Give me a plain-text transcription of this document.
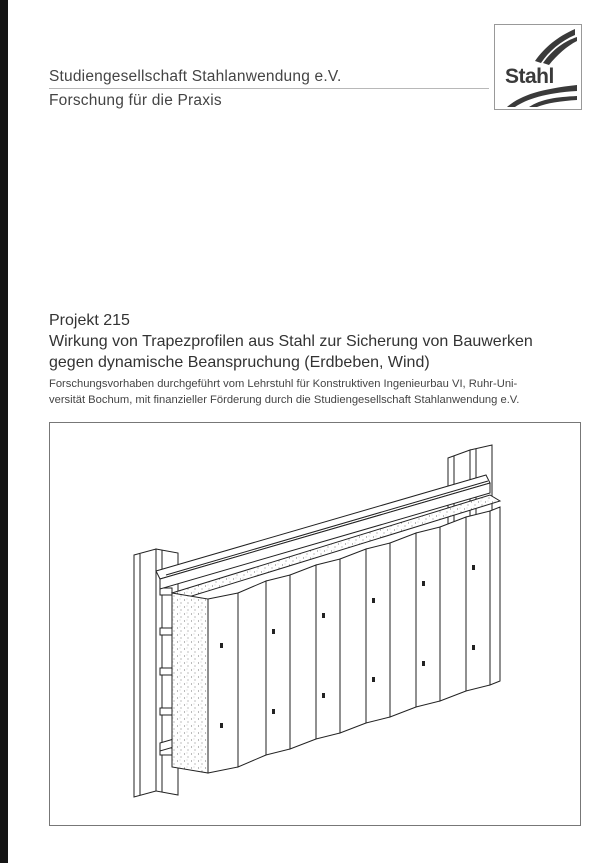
Studiengesellschaft Stahlanwendung e.V.
Forschung für die Praxis
Stahl
Projekt 215
Wirkung von Trapezprofilen aus Stahl zur Sicherung von Bauwerken
gegen dynamische Beanspruchung (Erdbeben, Wind)
Forschungsvorhaben durchgeführt vom Lehrstuhl für Konstruktiven Ingenieurbau VI, Ruhr-Uni-
versität Bochum, mit finanzieller Förderung durch die Studiengesellschaft Stahlanwendung e.V.
